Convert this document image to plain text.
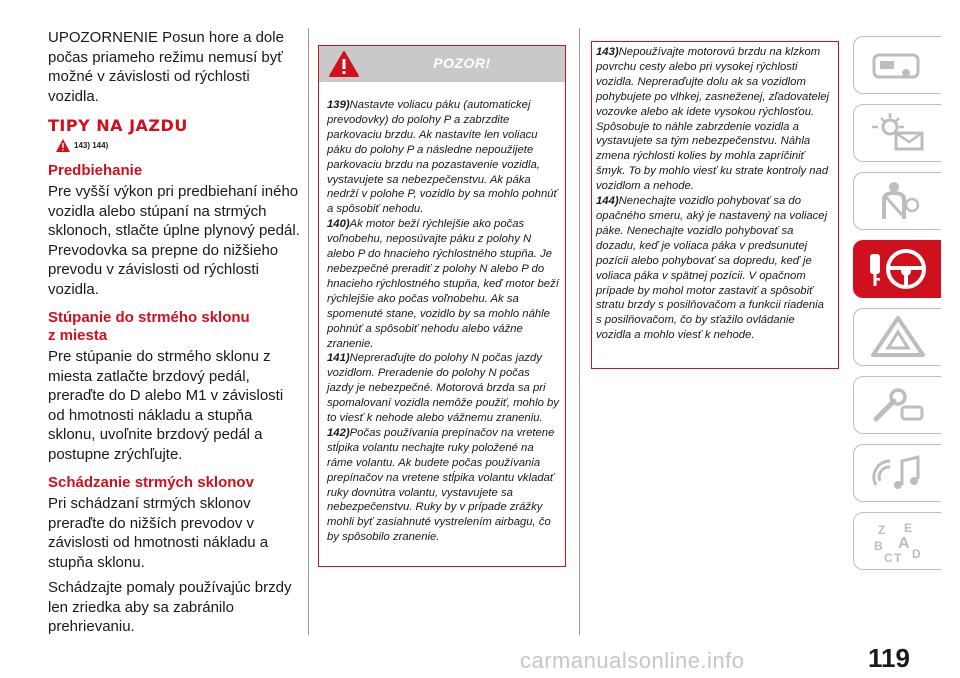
UPOZORNENIE Posun hore a dole počas priameho režimu nemusí byť možné v závislosti od rýchlosti vozidla.

TIPY NA JAZDU
143) 144)
Predbiehanie

Pre vyšší výkon pri predbiehaní iného vozidla alebo stúpaní na strmých sklonoch, stlačte úplne plynový pedál. Prevodovka sa prepne do nižšieho prevodu v závislosti od rýchlosti vozidla.

Stúpanie do strmého sklonu
z miesta

Pre stúpanie do strmého sklonu z miesta zatlačte brzdový pedál, preraďte do D alebo M1 v závislosti od hmotnosti nákladu a stupňa sklonu, uvoľnite brzdový pedál a postupne zrýchľujte.

Schádzanie strmých sklonov

Pri schádzaní strmých sklonov preraďte do nižších prevodov v závislosti od hmotnosti nákladu a stupňa sklonu.

Schádzajte pomaly používajúc brzdy len zriedka aby sa zabránilo prehrievaniu.

POZOR!
139)Nastavte voliacu páku (automatickej prevodovky) do polohy P a zabrzdite parkovaciu brzdu. Ak nastavíte len voliacu páku do polohy P a následne nepoužijete parkovaciu brzdu na pozastavenie vozidla, vystavujete sa nebezpečenstvu. Ak páka nedrží v polohe P, vozidlo by sa mohlo pohnúť a spôsobiť nehodu.
140)Ak motor beží rýchlejšie ako počas voľnobehu, neposúvajte páku z polohy N alebo P do hnacieho rýchlostného stupňa. Je nebezpečné preradiť z polohy N alebo P do hnacieho rýchlostného stupňa, keď motor beží rýchlejšie ako počas voľnobehu. Ak sa spomenuté stane, vozidlo by sa mohlo náhle pohnúť a spôsobiť nehodu alebo vážne zranenie.
141)Nepreraďujte do polohy N počas jazdy vozidlom. Preradenie do polohy N počas jazdy je nebezpečné. Motorová brzda sa pri spomalovaní vozidla nemôže použiť, mohlo by to viesť k nehode alebo vážnemu zraneniu.
142)Počas používania prepínačov na vretene stĺpika volantu nechajte ruky položené na ráme volantu. Ak budete počas používania prepínačov na vretene stĺpika volantu vkladať ruky dovnútra volantu, vystavujete sa nebezpečenstvu. Ruky by v prípade zrážky mohli byť zasiahnuté vystrelením airbagu, čo by spôsobilo zranenie.
143)Nepoužívajte motorovú brzdu na klzkom povrchu cesty alebo pri vysokej rýchlosti vozidla. Nepreraďujte dolu ak sa vozidlom pohybujete po vlhkej, zasneženej, zľadovatelej vozovke alebo ak idete vysokou rýchlosťou. Spôsobuje to náhle zabrzdenie vozidla a vystavujete sa tým nebezpečenstvu. Náhla zmena rýchlosti kolies by mohla zapríčiniť šmyk. To by mohlo viesť ku strate kontroly nad vozidlom a nehode.
144)Nenechajte vozidlo pohybovať sa do opačného smeru, aký je nastavený na voliacej páke. Nenechajte vozidlo pohybovať sa dozadu, keď je voliaca páka v predsunutej pozícii alebo pohybovať sa dopredu, keď je voliaca páka v spätnej pozícii. V opačnom prípade by mohol motor zastaviť a spôsobiť stratu brzdy s posilňovačom a funkcii riadenia s posilňovačom, čo by sťažilo ovládanie vozidla a mohlo viesť k nehode.
Z E
B A
C T D
carmanualsonline.info	119
